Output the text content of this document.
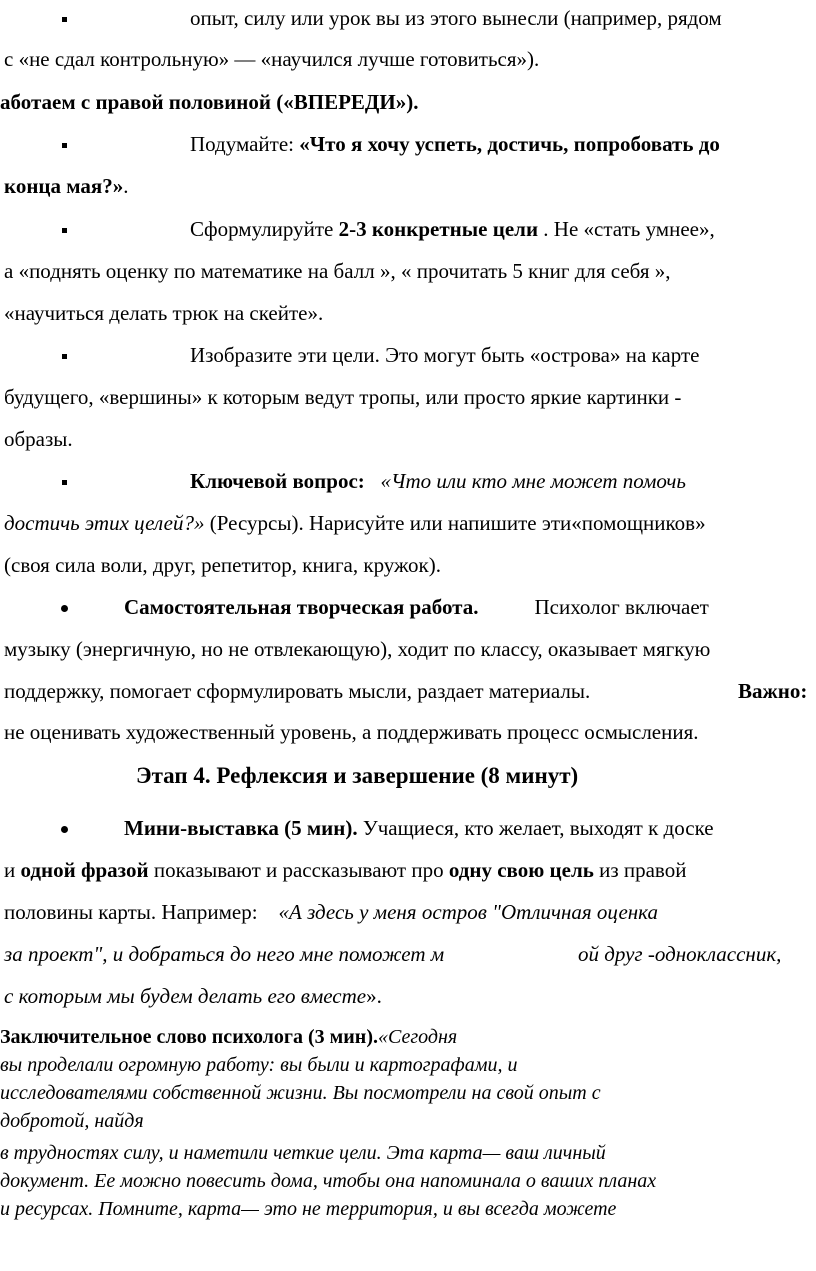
опыт, силу или урок вы из этого вынесли (например, рядом
с «не сдал контрольную» — «научился лучше готовиться»).
аботаем с правой половиной («ВПЕРЕДИ»).
Подумайте: «Что я хочу успеть, достичь, попробовать до
конца мая?».
Сформулируйте 2-3 конкретные цели . Не «стать умнее»,
а «поднять оценку по математике на балл », « прочитать 5 книг для себя »,
«научиться делать трюк на скейте».
Изобразите эти цели. Это могут быть «острова» на карте
будущего, «вершины» к которым ведут тропы, или просто яркие картинки -
образы.
Ключевой вопрос: «Что или кто мне может помочь
достичь этих целей?» (Ресурсы). Нарисуйте или напишите эти«помощников»
(своя сила воли, друг, репетитор, книга, кружок).
Самостоятельная творческая работа.	Психолог включает
музыку (энергичную, но не отвлекающую), ходит по классу, оказывает мягкую
поддержку, помогает сформулировать мысли, раздает материалы.	Важно:
не оценивать художественный уровень, а поддерживать процесс осмысления.
Этап 4. Рефлексия и завершение (8 минут)
Мини-выставка (5 мин). Учащиеся, кто желает, выходят к доске
и одной фразой показывают и рассказывают про одну свою цель из правой
половины карты. Например:    «А здесь у меня остров "Отличная оценка
за проект", и добраться до него мне поможет м	ой друг -одноклассник,
с которым мы будем делать его вместе».
Заключительное слово психолога (3 мин).«Сегодня
вы проделали огромную работу: вы были и картографами, и
исследователями собственной жизни. Вы посмотрели на свой опыт с
добротой, найдя
в трудностях силу, и наметили четкие цели. Эта карта— ваш личный
документ. Ее можно повесить дома, чтобы она напоминала о ваших планах
и ресурсах. Помните, карта— это не территория, и вы всегда можете
